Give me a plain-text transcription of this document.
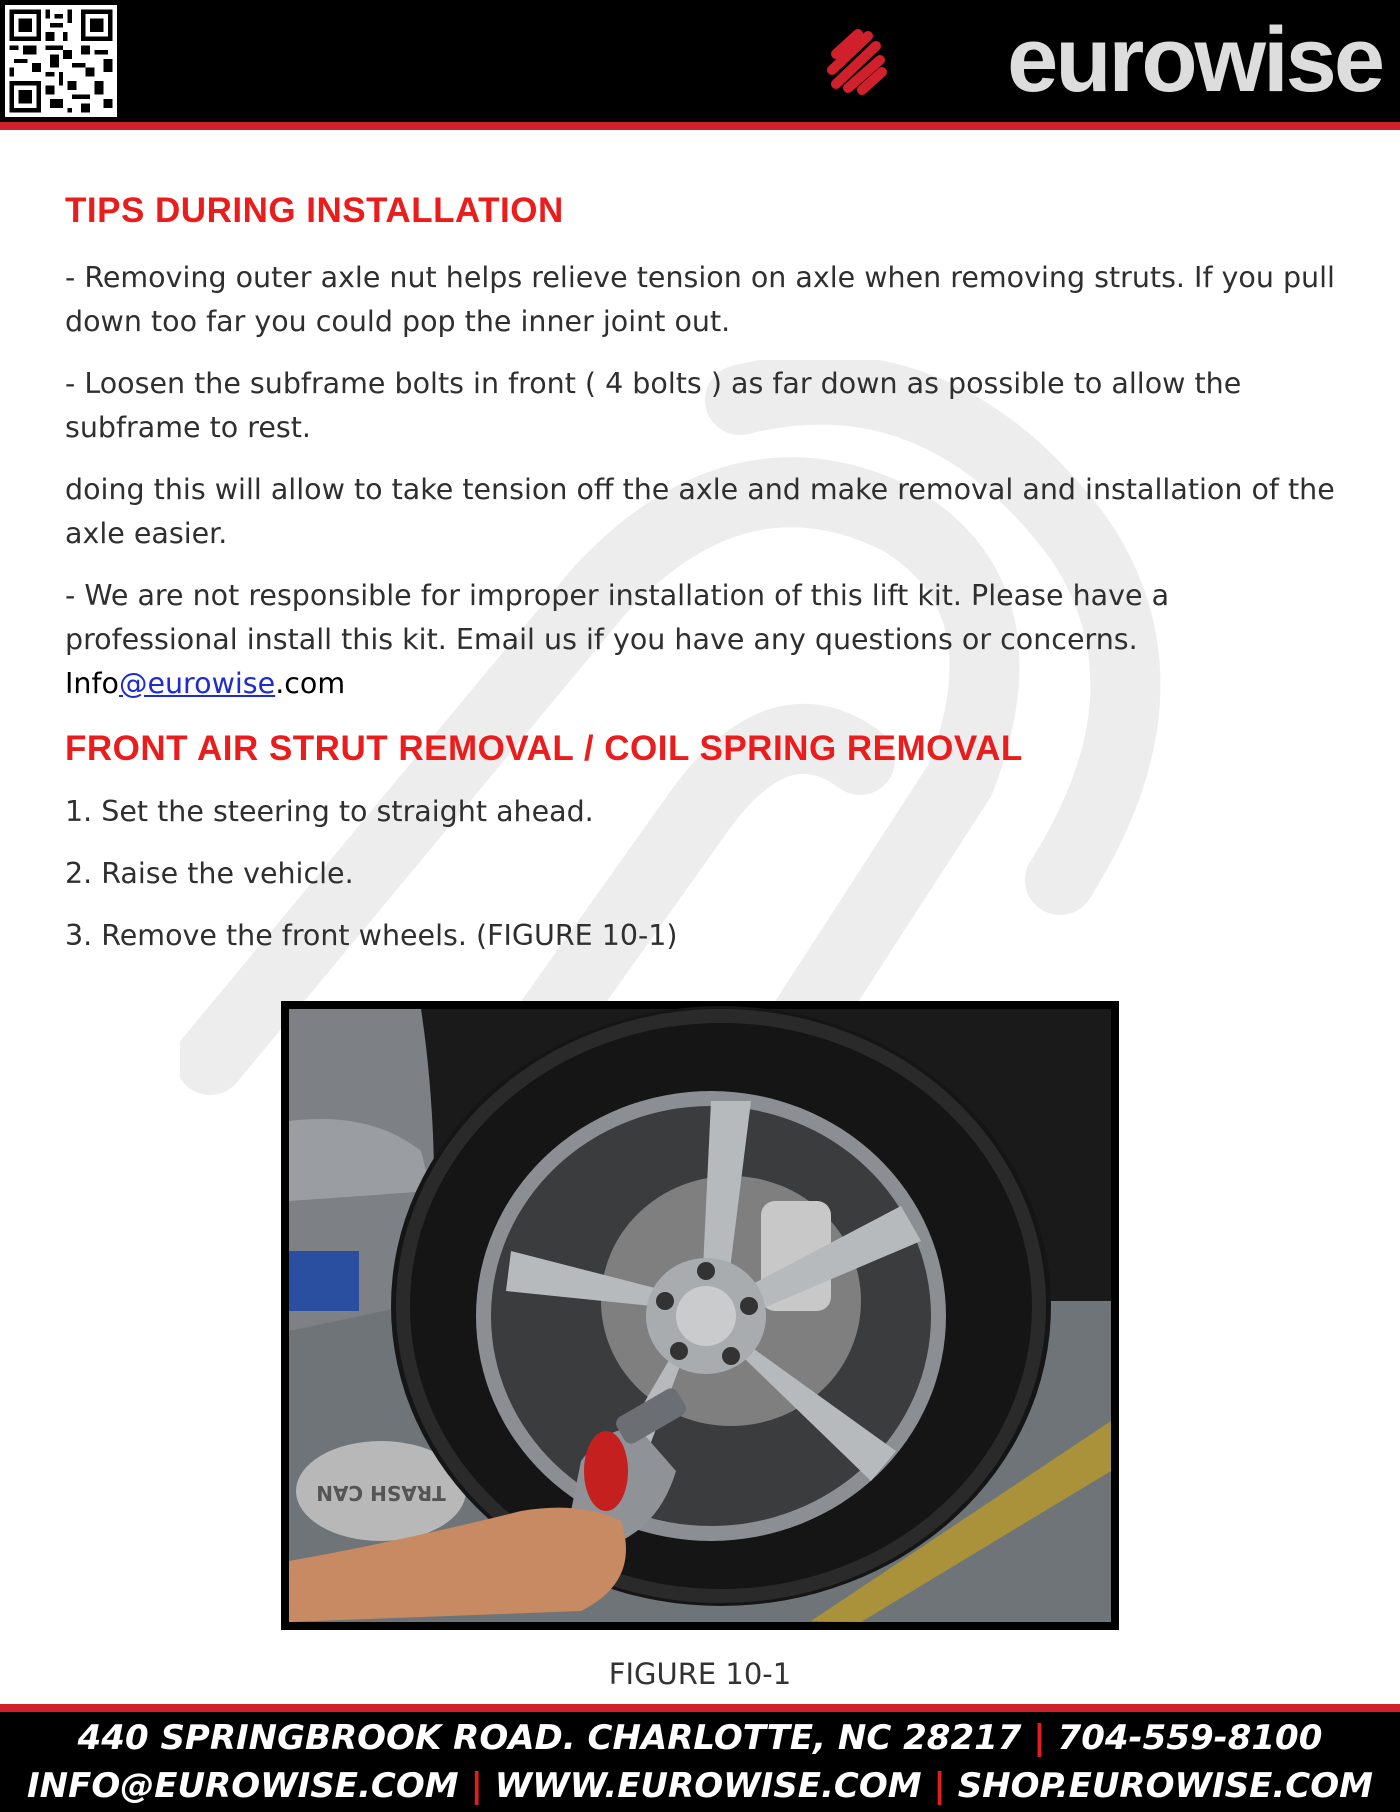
eurowise
TIPS DURING INSTALLATION

- Removing outer axle nut helps relieve tension on axle when removing struts. If you pull down too far you could pop the inner joint out.

- Loosen the subframe bolts in front ( 4 bolts ) as far down as possible to allow the subframe to rest.

doing this will allow to take tension off the axle and make removal and installation of the axle easier.

- We are not responsible for improper installation of this lift kit. Please have a professional install this kit. Email us if you have any questions or concerns.

Info@eurowise.com

FRONT AIR STRUT REMOVAL / COIL SPRING REMOVAL

1. Set the steering to straight ahead.

2. Raise the vehicle.

3. Remove the front wheels. (FIGURE 10-1)

TRASH CAN
FIGURE 10-1
440 SPRINGBROOK ROAD. CHARLOTTE, NC 28217 | 704-559-8100
INFO@EUROWISE.COM | WWW.EUROWISE.COM | SHOP.EUROWISE.COM
